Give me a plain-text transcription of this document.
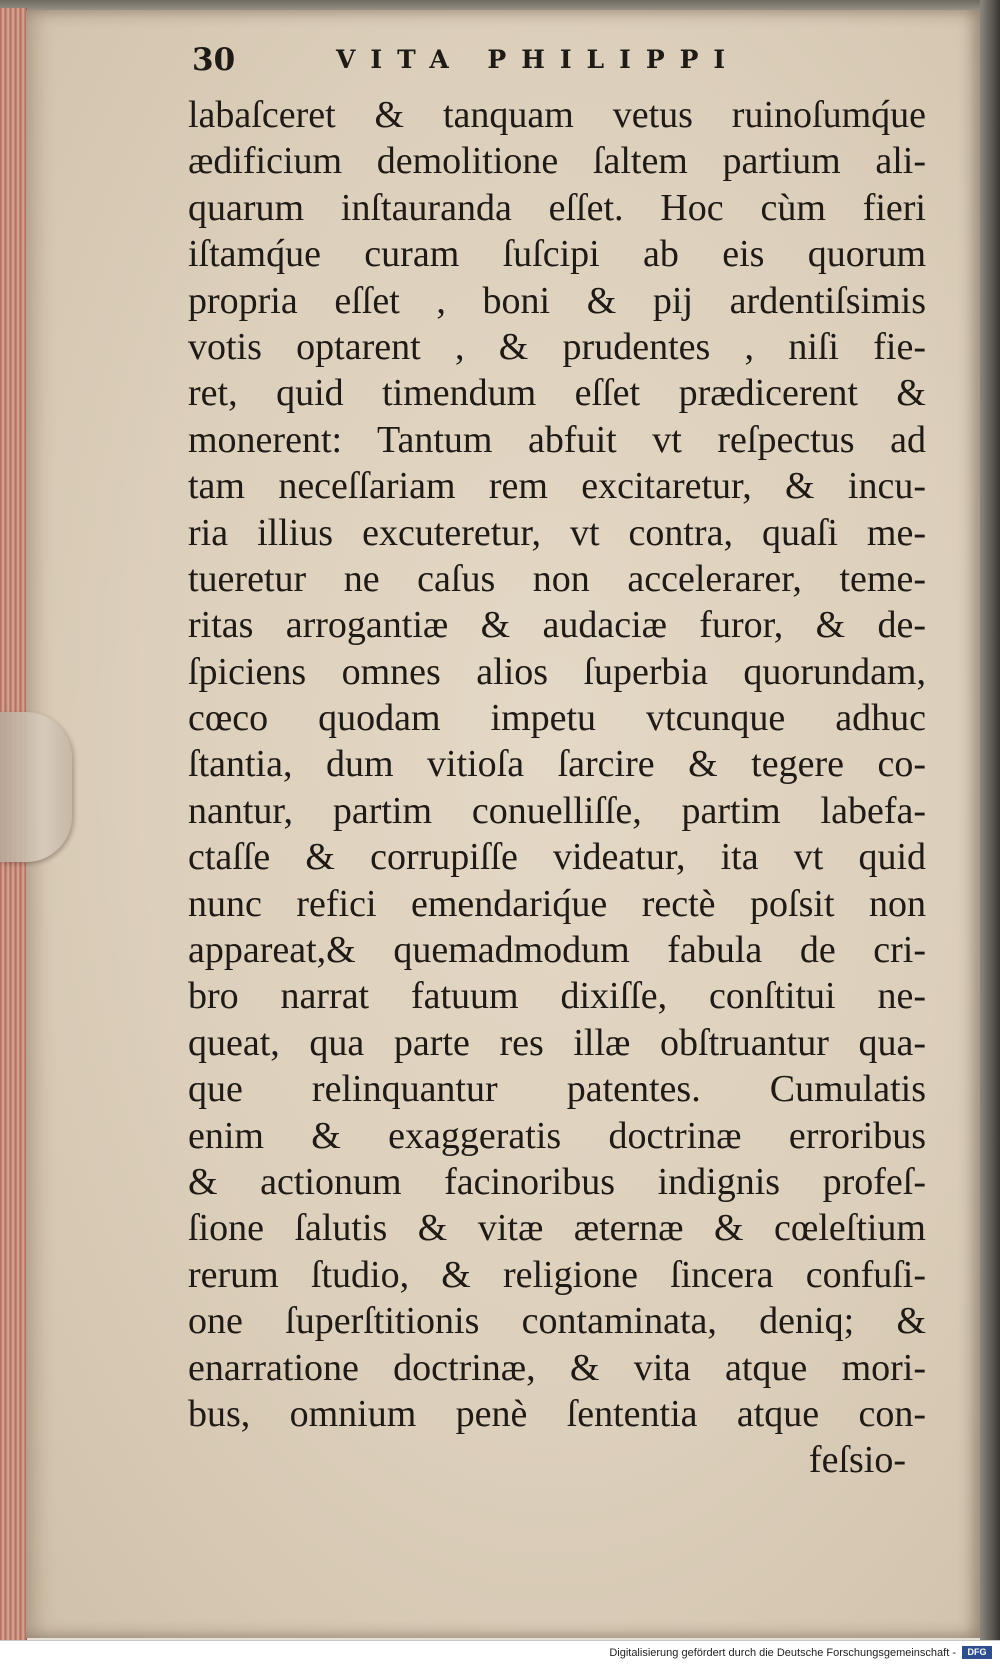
30	VITA PHILIPPI
labaſceret & tanquam vetus ruinoſumq́ue
ædificium demolitione ſaltem partium ali-
quarum inſtauranda eſſet. Hoc cùm fieri
iſtamq́ue curam ſuſcipi ab eis quorum
propria eſſet , boni & pij ardentiſsimis
votis optarent , & prudentes , niſi fie-
ret, quid timendum eſſet prædicerent &
monerent: Tantum abfuit vt reſpectus ad
tam neceſſariam rem excitaretur, & incu-
ria illius excuteretur, vt contra, quaſi me-
tueretur ne caſus non accelerarer, teme-
ritas arrogantiæ & audaciæ furor, & de-
ſpiciens omnes alios ſuperbia quorundam,
cœco quodam impetu vtcunque adhuc
ſtantia, dum vitioſa ſarcire & tegere co-
nantur, partim conuelliſſe, partim labefa-
ctaſſe & corrupiſſe videatur, ita vt quid
nunc refici emendariq́ue rectè poſsit non
appareat,& quemadmodum fabula de cri-
bro narrat fatuum dixiſſe, conſtitui ne-
queat, qua parte res illæ obſtruantur qua-
que relinquantur patentes. Cumulatis
enim & exaggeratis doctrinæ erroribus
& actionum facinoribus indignis profeſ-
ſione ſalutis & vitæ æternæ & cœleſtium
rerum ſtudio, & religione ſincera confuſi-
one ſuperſtitionis contaminata, deniq; &
enarratione doctrinæ, & vita atque mori-
bus, omnium penè ſententia atque con-
feſsio-
Digitalisierung gefördert durch die Deutsche Forschungsgemeinschaft -	DFG
